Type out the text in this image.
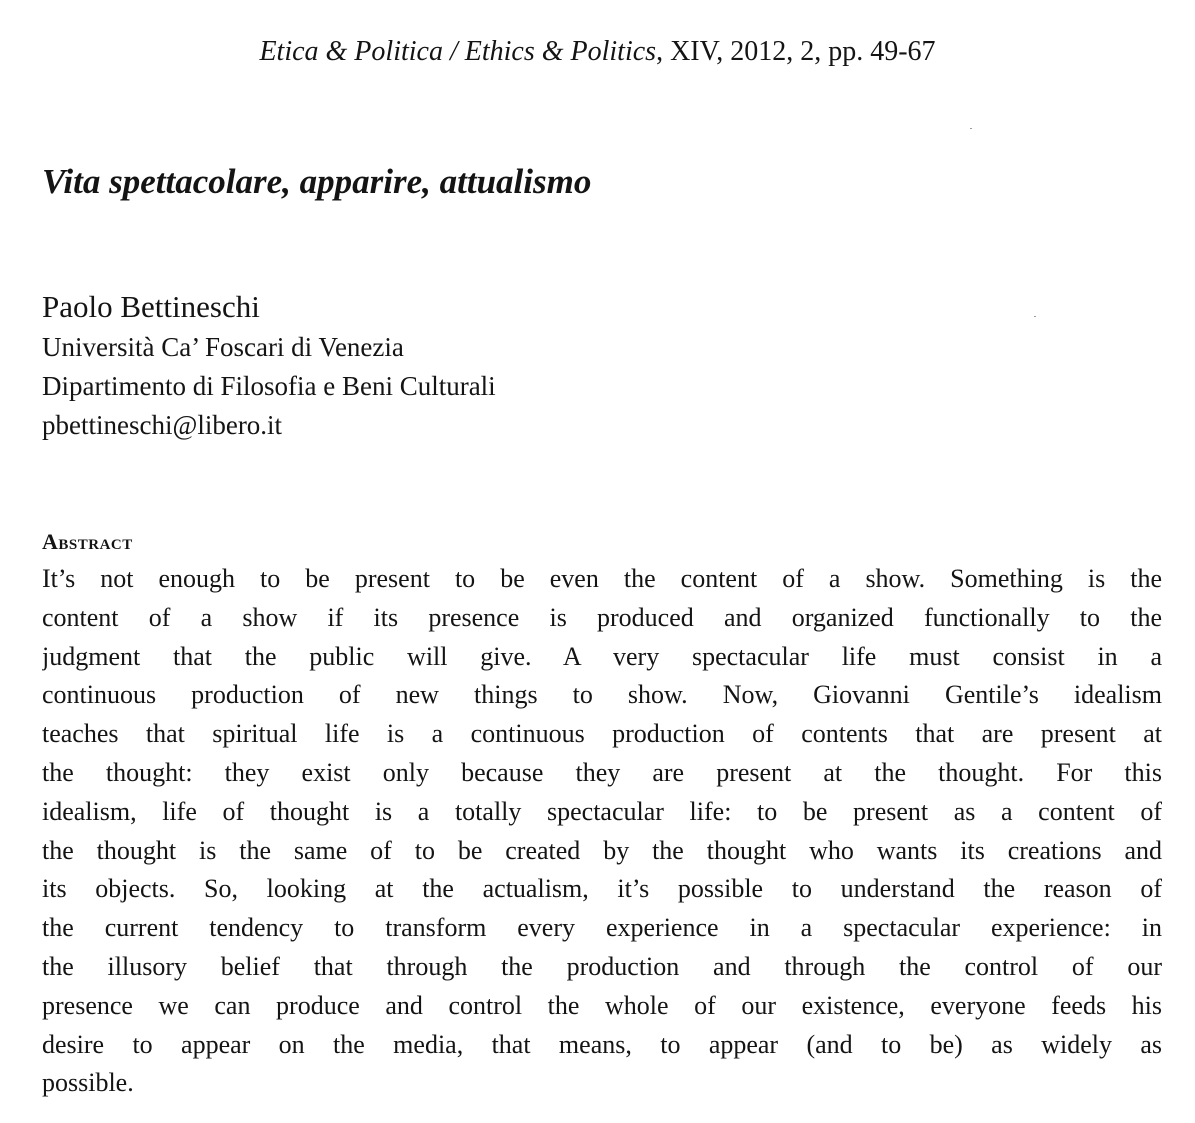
Etica & Politica / Ethics & Politics, XIV, 2012, 2, pp. 49-67
Vita spettacolare, apparire, attualismo
Paolo Bettineschi
Università Ca’ Foscari di Venezia
Dipartimento di Filosofia e Beni Culturali
pbettineschi@libero.it
Abstract
It’s not enough to be present to be even the content of a show. Something is the
content of a show if its presence is produced and organized functionally to the
judgment that the public will give. A very spectacular life must consist in a
continuous production of new things to show. Now, Giovanni Gentile’s idealism
teaches that spiritual life is a continuous production of contents that are present at
the thought: they exist only because they are present at the thought. For this
idealism, life of thought is a totally spectacular life: to be present as a content of
the thought is the same of to be created by the thought who wants its creations and
its objects. So, looking at the actualism, it’s possible to understand the reason of
the current tendency to transform every experience in a spectacular experience: in
the illusory belief that through the production and through the control of our
presence we can produce and control the whole of our existence, everyone feeds his
desire to appear on the media, that means, to appear (and to be) as widely as
possible.
